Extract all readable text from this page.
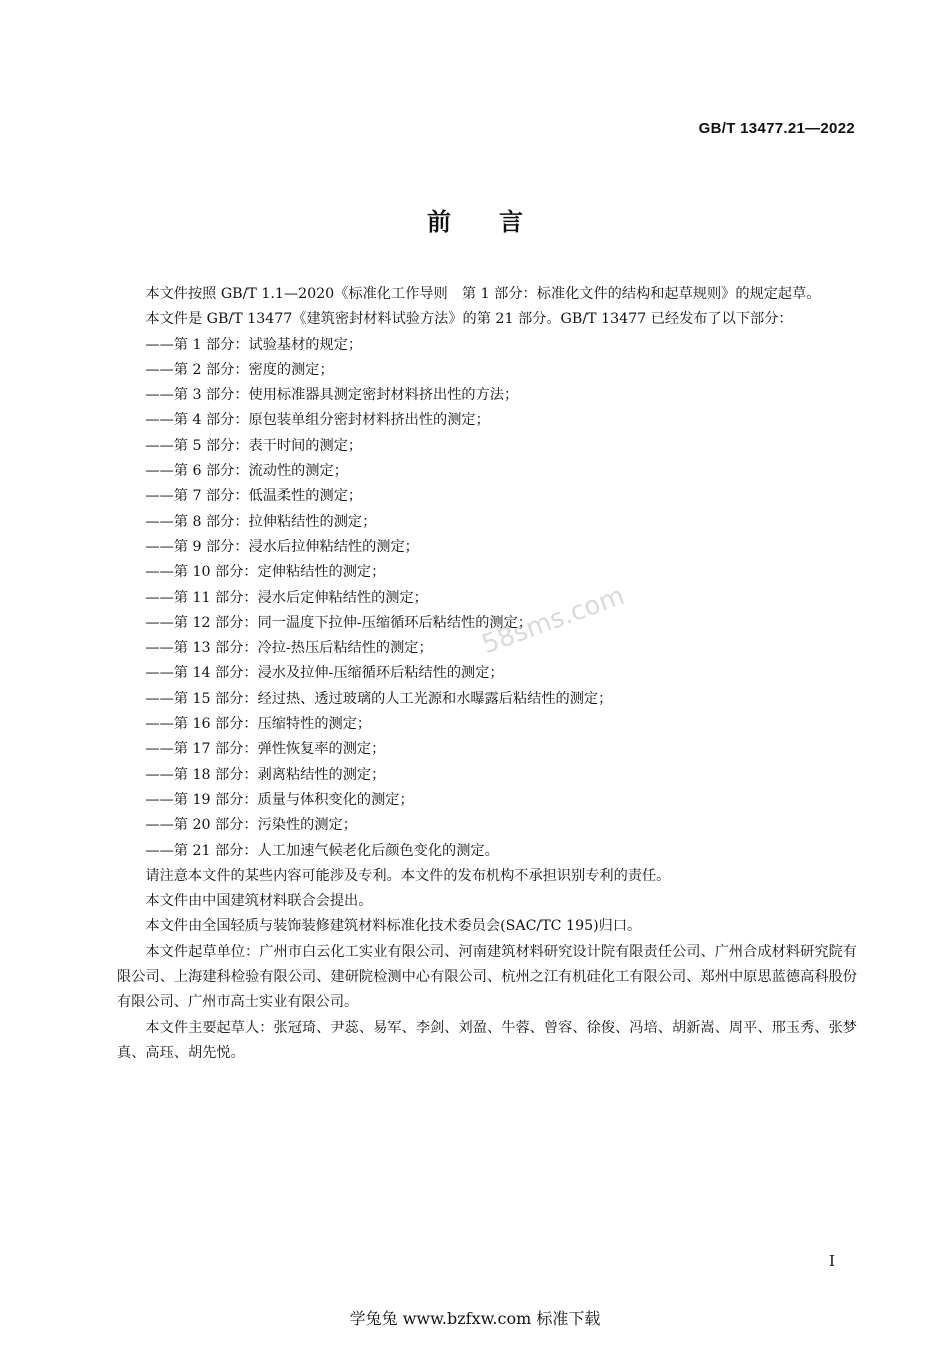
GB/T 13477.21—2022
前言

本文件按照 GB/T 1.1—2020《标准化工作导则　第 1 部分：标准化文件的结构和起草规则》的规定起草。

本文件是 GB/T 13477《建筑密封材料试验方法》的第 21 部分。GB/T 13477 已经发布了以下部分：

——第 1 部分：试验基材的规定；
——第 2 部分：密度的测定；
——第 3 部分：使用标准器具测定密封材料挤出性的方法；
——第 4 部分：原包装单组分密封材料挤出性的测定；
——第 5 部分：表干时间的测定；
——第 6 部分：流动性的测定；
——第 7 部分：低温柔性的测定；
——第 8 部分：拉伸粘结性的测定；
——第 9 部分：浸水后拉伸粘结性的测定；
——第 10 部分：定伸粘结性的测定；
——第 11 部分：浸水后定伸粘结性的测定；
——第 12 部分：同一温度下拉伸-压缩循环后粘结性的测定；
——第 13 部分：冷拉-热压后粘结性的测定；
——第 14 部分：浸水及拉伸-压缩循环后粘结性的测定；
——第 15 部分：经过热、透过玻璃的人工光源和水曝露后粘结性的测定；
——第 16 部分：压缩特性的测定；
——第 17 部分：弹性恢复率的测定；
——第 18 部分：剥离粘结性的测定；
——第 19 部分：质量与体积变化的测定；
——第 20 部分：污染性的测定；
——第 21 部分：人工加速气候老化后颜色变化的测定。

请注意本文件的某些内容可能涉及专利。本文件的发布机构不承担识别专利的责任。

本文件由中国建筑材料联合会提出。

本文件由全国轻质与装饰装修建筑材料标准化技术委员会(SAC/TC 195)归口。

本文件起草单位：广州市白云化工实业有限公司、河南建筑材料研究设计院有限责任公司、广州合成材料研究院有限公司、上海建科检验有限公司、建研院检测中心有限公司、杭州之江有机硅化工有限公司、郑州中原思蓝德高科股份有限公司、广州市高士实业有限公司。

本文件主要起草人：张冠琦、尹蕊、易军、李剑、刘盈、牛蓉、曾容、徐俊、冯培、胡新嵩、周平、邢玉秀、张梦真、高珏、胡先悦。

58sms.com
I
学兔兔 www.bzfxw.com 标准下载
